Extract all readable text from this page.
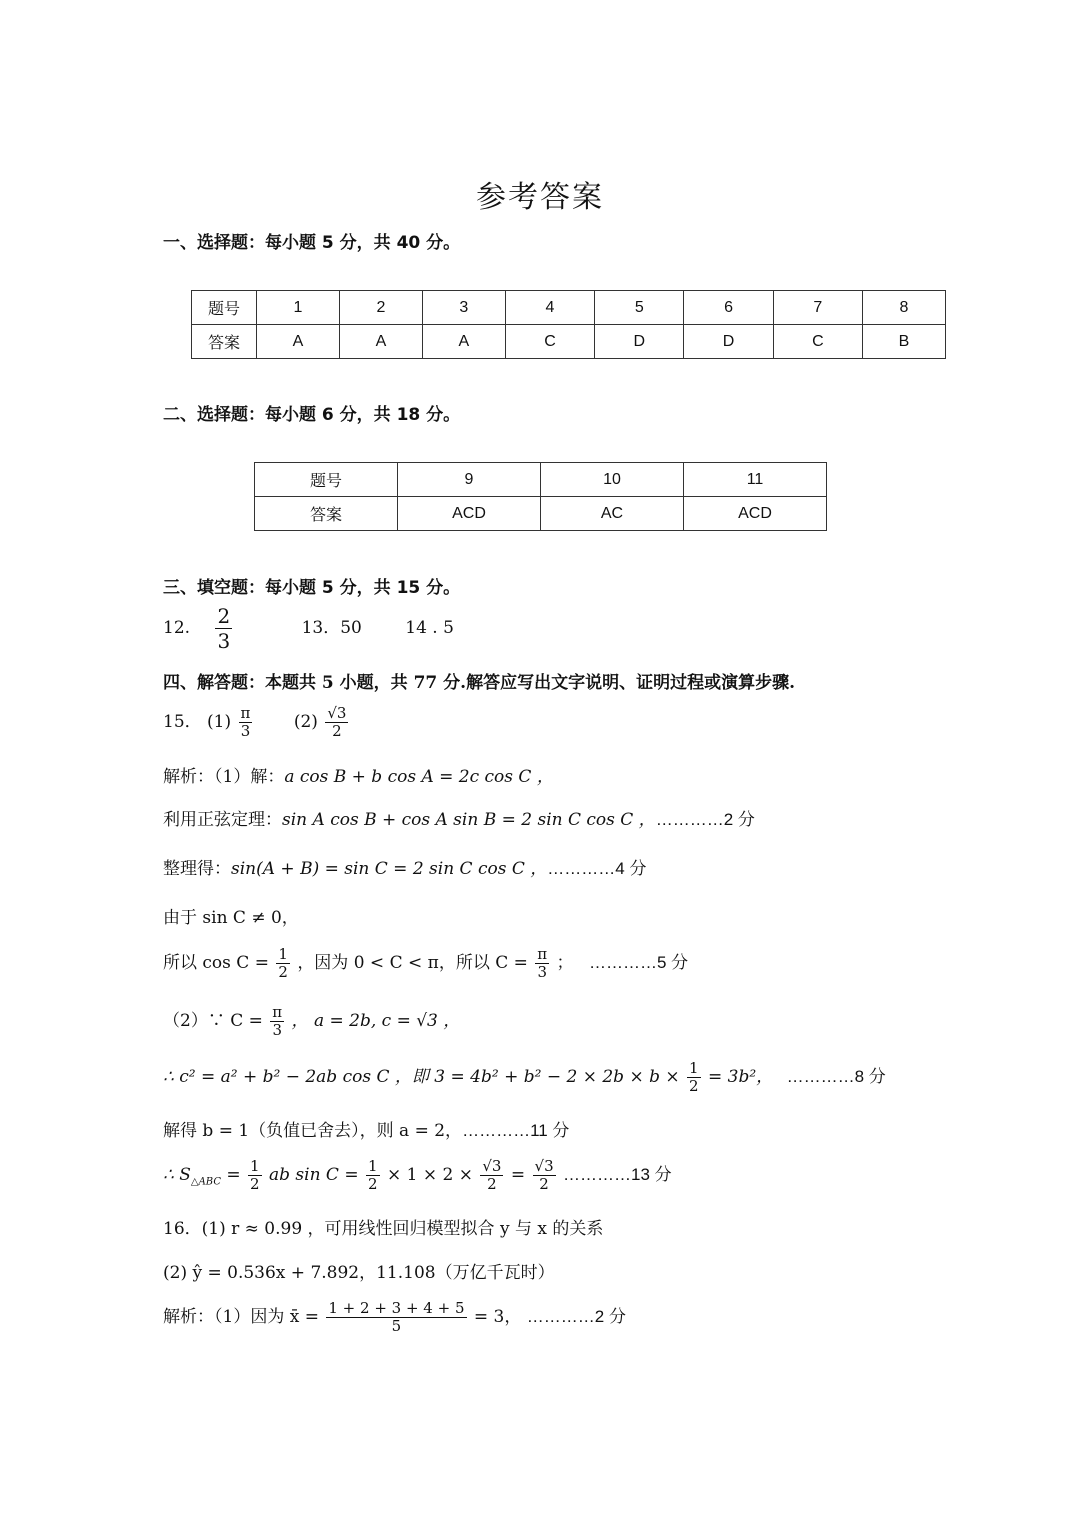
参考答案
一、选择题：每小题 5 分，共 40 分。
题号	1	2	3	4	5	6	7	8
答案	A	A	A	C	D	D	C	B
二、选择题：每小题 6 分，共 18 分。
题号	9	10	11
答案	ACD	AC	ACD
三、填空题：每小题 5 分，共 15 分。
12. $\frac{2}{3}$	13．50	14 . 5
四、解答题：本题共 5 小题，共 77 分.解答应写出文字说明、证明过程或演算步骤.
15． $(1) \frac{\pi}{3} (2) \frac{√3}{2}$
解析：（1）解：a cos B + b cos A = 2c cos C ，
利用正弦定理：sin A cos B + cos A sin B = 2 sin C cos C ，…………2 分
整理得：sin(A + B) = sin C = 2 sin C cos C ，…………4 分
由于 sin C ≠ 0，
所以 $\cos C = \frac{1}{2}$ ，因为 0 < C < π，所以 $C = \frac{\pi}{3}$ ； …………5 分
（2）∵ $C = \frac{\pi}{3}$ ， a = 2b, c = √3 ，
∴ c² = a² + b² − 2ab cos C ，即 $3 = 4b^2 + b^2 - 2 \times 2b \times b \times \frac{1}{2} = 3b^2$， …………8 分
解得 b = 1（负值已舍去），则 a = 2，…………11 分
∴ $S_{\triangle ABC} = \frac{1}{2}$ ab $\sin C = \frac{1}{2} \times 1 \times 2 \times \frac{√3}{2} = \frac{√3}{2}$ …………13 分
16．(1) r ≈ 0.99 ，可用线性回归模型拟合 y 与 x 的关系
(2) ŷ = 0.536x + 7.892，11.108（万亿千瓦时）
解析：（1）因为 x̄ = $\frac{1 + 2 + 3 + 4 + 5}{5} = 3$， …………2 分
